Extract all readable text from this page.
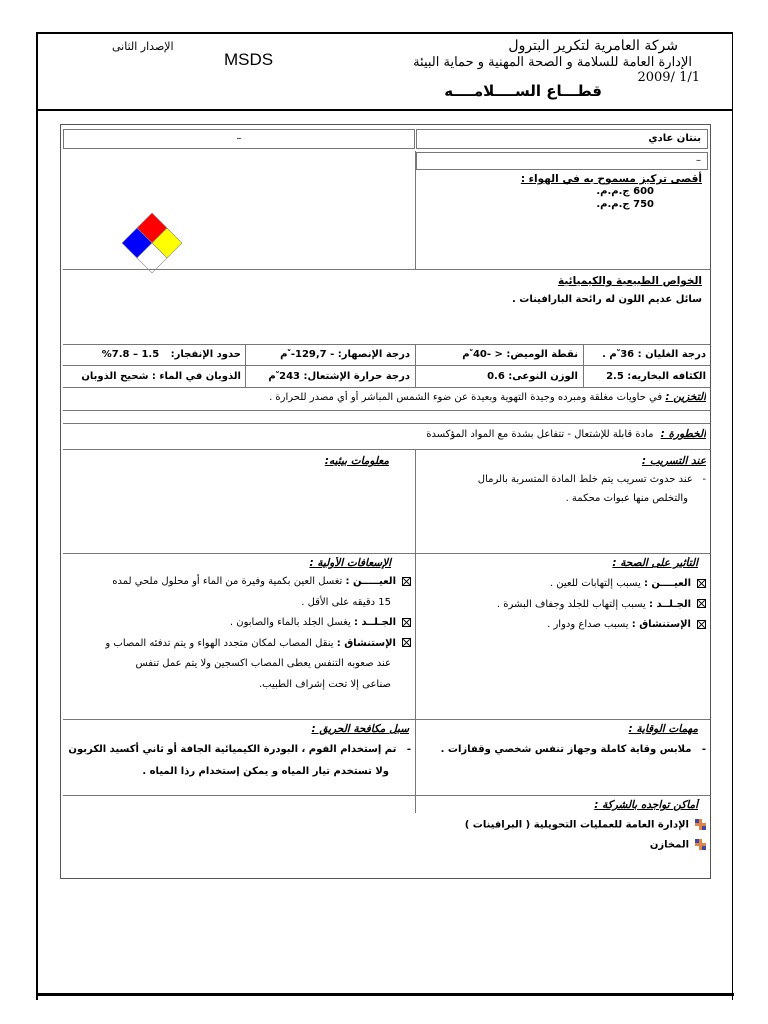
شركة العامرية لتكرير البترول
الإدارة العامة للسلامة و الصحة المهنية و حماية البيئة
2009/ 1/1
قطـــاع الســــلامــــه
MSDS
الإصدار الثانى
بنتان عادي
–
–
أقصى تركيز مسموح به في الهواء :
600 ج.م.م.
750 ج.م.م.
الخواص الطبيعية والكيميائية
سائل عديم اللون له رائحة البارافينات .
درجة الغليان : 36 ْم .
نقطة الوميض: < -40 ْم
درجة الإنصهار: - 129,7- ْم
حدود الإنفجار: 1.5 – 7.8%
الكثافه البخاريه: 2.5
الوزن النوعى: 0.6
درجة حرارة الإشتعال: 243 ْم
الذوبان في الماء : شحيح الذوبان
التخزين : في حاويات مغلقة ومبرده وجيدة التهوية وبعيدة عن ضوء الشمس المباشر أو أي مصدر للحرارة .
الخطورة : مادة قابلة للإشتعال - تتفاعل بشدة مع المواد المؤكسدة
عند التسريب :
-   عند حدوث تسريب يتم خلط المادة المتسربة بالرمال
والتخلص منها عبوات محكمة .
معلومات بيئيه:
التأثير على الصحة :
العيــــن : يسبب إلتهابات للعين .
الجـلــد : يسبب إلتهاب للجلد وجفاف البشرة .
الإستنشاق : يسبب صداع ودوار .
الإسعافات الأولية :
العيـــــن : تغسل العين بكمية وفيرة من الماء أو محلول ملحي لمده
15 دقيقه على الأقل .
الجـلــد : يغسل الجلد بالماء والصابون .
الإستنشاق : ينقل المصاب لمكان متجدد الهواء و يتم تدفئه المصاب و
عند صعوبه التنفس يعطى المصاب اكسجين ولا يتم عمل تنفس
صناعى إلا تحت إشراف الطبيب.
مهمات الوقاية :
-   ملابس وقاية كاملة وجهاز تنفس شخصي وقفازات .
سبل مكافحة الحريق :
-   تم إستخدام الفوم ، البودرة الكيميائية الجافة أو ثاني أكسيد الكربون
ولا تستخدم تيار المياه و يمكن إستخدام رذا المياه .
أماكن تواجده بالشركة :
الإدارة العامة للعمليات التحويلية ( البرافينات )
المخازن
